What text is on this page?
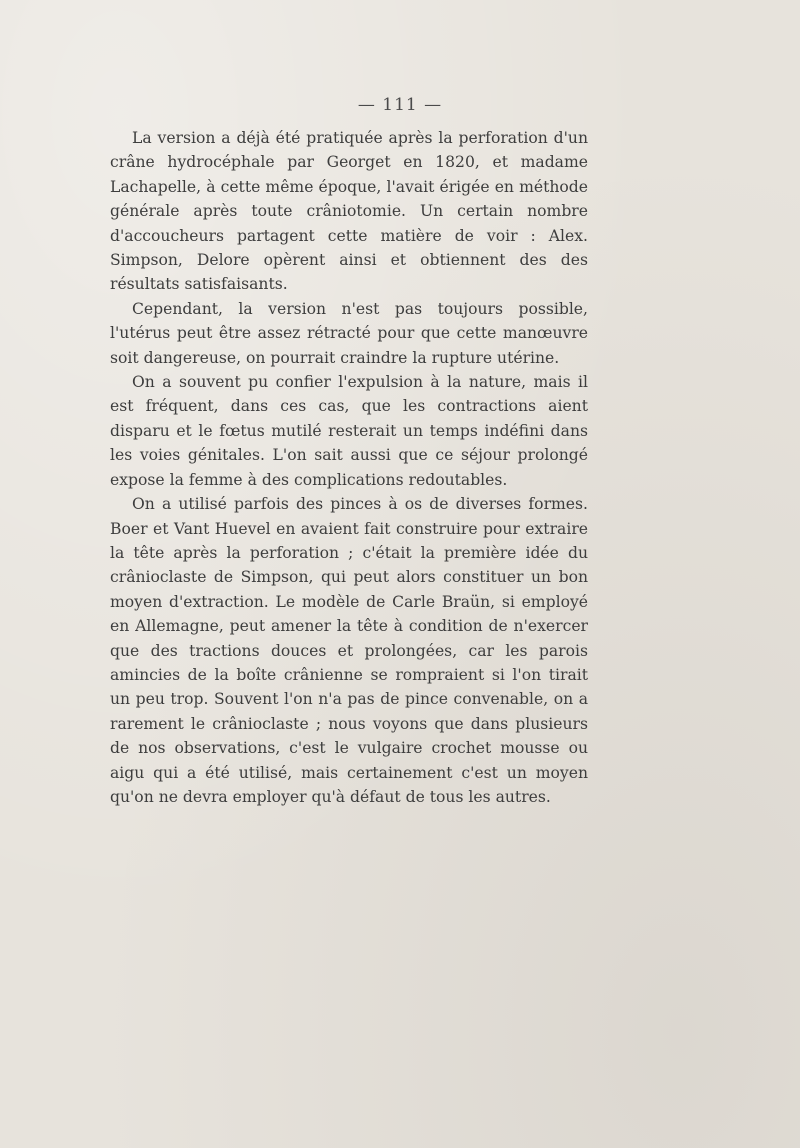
— 111 —

La version a déjà été pratiquée après la perforation d'un crâne hydrocéphale par Georget en 1820, et madame Lachapelle, à cette même époque, l'avait érigée en méthode générale après toute crâniotomie. Un certain nombre d'accoucheurs partagent cette matière de voir : Alex. Simpson, Delore opèrent ainsi et obtiennent des des résultats satisfaisants.

Cependant, la version n'est pas toujours possible, l'utérus peut être assez rétracté pour que cette manœuvre soit dangereuse, on pourrait craindre la rupture utérine.

On a souvent pu confier l'expulsion à la nature, mais il est fréquent, dans ces cas, que les contractions aient disparu et le fœtus mutilé resterait un temps indéfini dans les voies génitales. L'on sait aussi que ce séjour prolongé expose la femme à des complications redoutables.

On a utilisé parfois des pinces à os de diverses formes. Boer et Vant Huevel en avaient fait construire pour extraire la tête après la perforation ; c'était la première idée du crânioclaste de Simpson, qui peut alors constituer un bon moyen d'extraction. Le modèle de Carle Braün, si employé en Allemagne, peut amener la tête à condition de n'exercer que des tractions douces et prolongées, car les parois amincies de la boîte crânienne se rompraient si l'on tirait un peu trop. Souvent l'on n'a pas de pince convenable, on a rarement le crânioclaste ; nous voyons que dans plusieurs de nos observations, c'est le vulgaire crochet mousse ou aigu qui a été utilisé, mais certainement c'est un moyen qu'on ne devra employer qu'à défaut de tous les autres.
